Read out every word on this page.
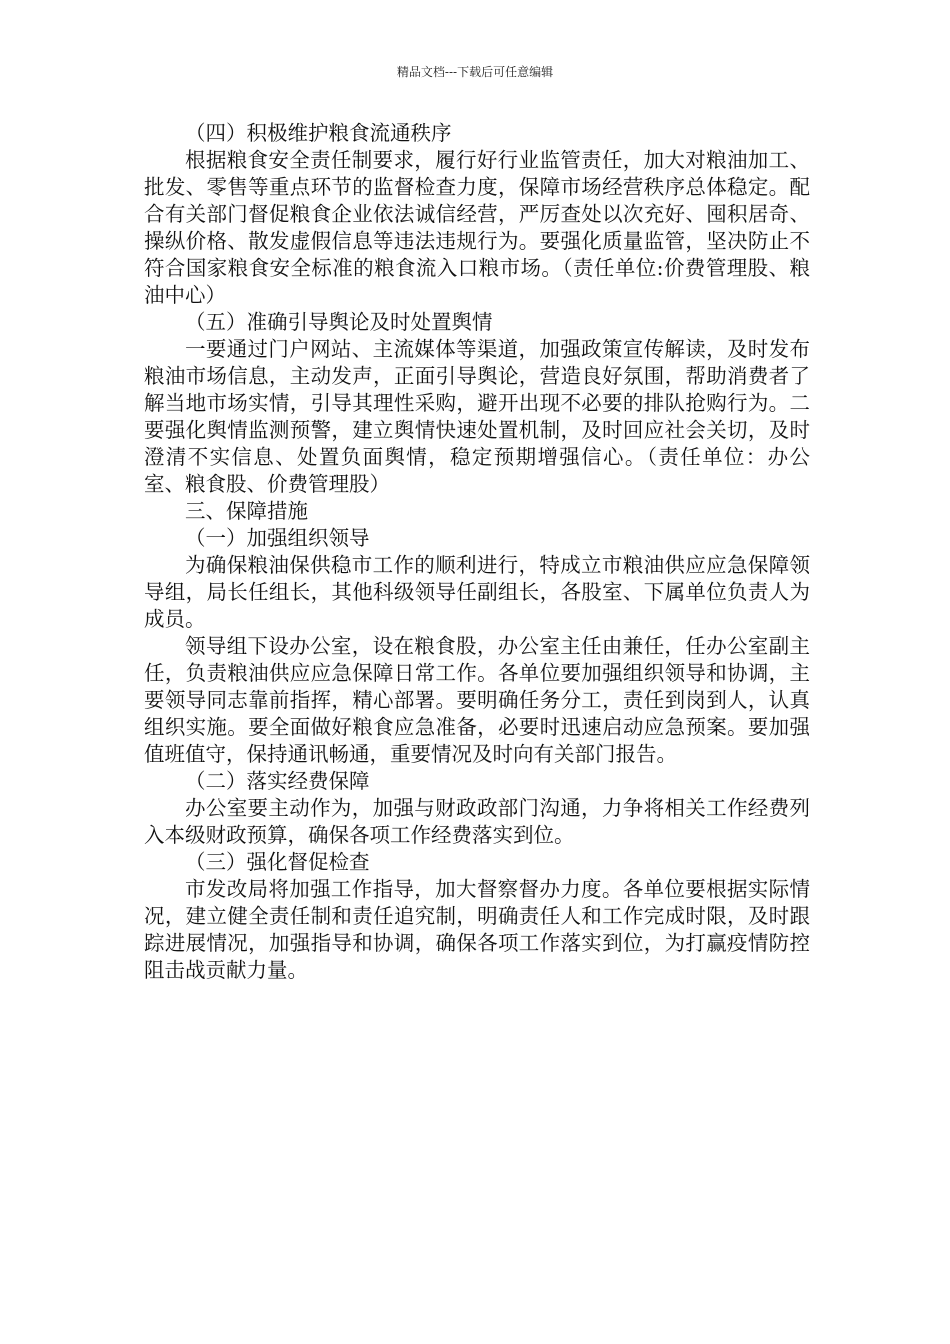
精品文档---下载后可任意编辑

（四）积极维护粮食流通秩序

根据粮食安全责任制要求，履行好行业监管责任，加大对粮油加工、批发、零售等重点环节的监督检查力度，保障市场经营秩序总体稳定。配合有关部门督促粮食企业依法诚信经营，严厉查处以次充好、囤积居奇、操纵价格、散发虚假信息等违法违规行为。要强化质量监管，坚决防止不符合国家粮食安全标准的粮食流入口粮市场。（责任单位:价费管理股、粮油中心）

（五）准确引导舆论及时处置舆情

一要通过门户网站、主流媒体等渠道，加强政策宣传解读，及时发布粮油市场信息，主动发声，正面引导舆论，营造良好氛围，帮助消费者了解当地市场实情，引导其理性采购，避开出现不必要的排队抢购行为。二要强化舆情监测预警，建立舆情快速处置机制，及时回应社会关切，及时澄清不实信息、处置负面舆情，稳定预期增强信心。（责任单位：办公室、粮食股、价费管理股）

三、保障措施

（一）加强组织领导

为确保粮油保供稳市工作的顺利进行，特成立市粮油供应应急保障领导组，局长任组长，其他科级领导任副组长，各股室、下属单位负责人为成员。

领导组下设办公室，设在粮食股，办公室主任由兼任，任办公室副主任，负责粮油供应应急保障日常工作。各单位要加强组织领导和协调，主要领导同志靠前指挥，精心部署。要明确任务分工，责任到岗到人，认真组织实施。要全面做好粮食应急准备，必要时迅速启动应急预案。要加强值班值守，保持通讯畅通，重要情况及时向有关部门报告。

（二）落实经费保障

办公室要主动作为，加强与财政政部门沟通，力争将相关工作经费列入本级财政预算，确保各项工作经费落实到位。

（三）强化督促检查

市发改局将加强工作指导，加大督察督办力度。各单位要根据实际情况，建立健全责任制和责任追究制，明确责任人和工作完成时限，及时跟踪进展情况，加强指导和协调，确保各项工作落实到位，为打赢疫情防控阻击战贡献力量。
